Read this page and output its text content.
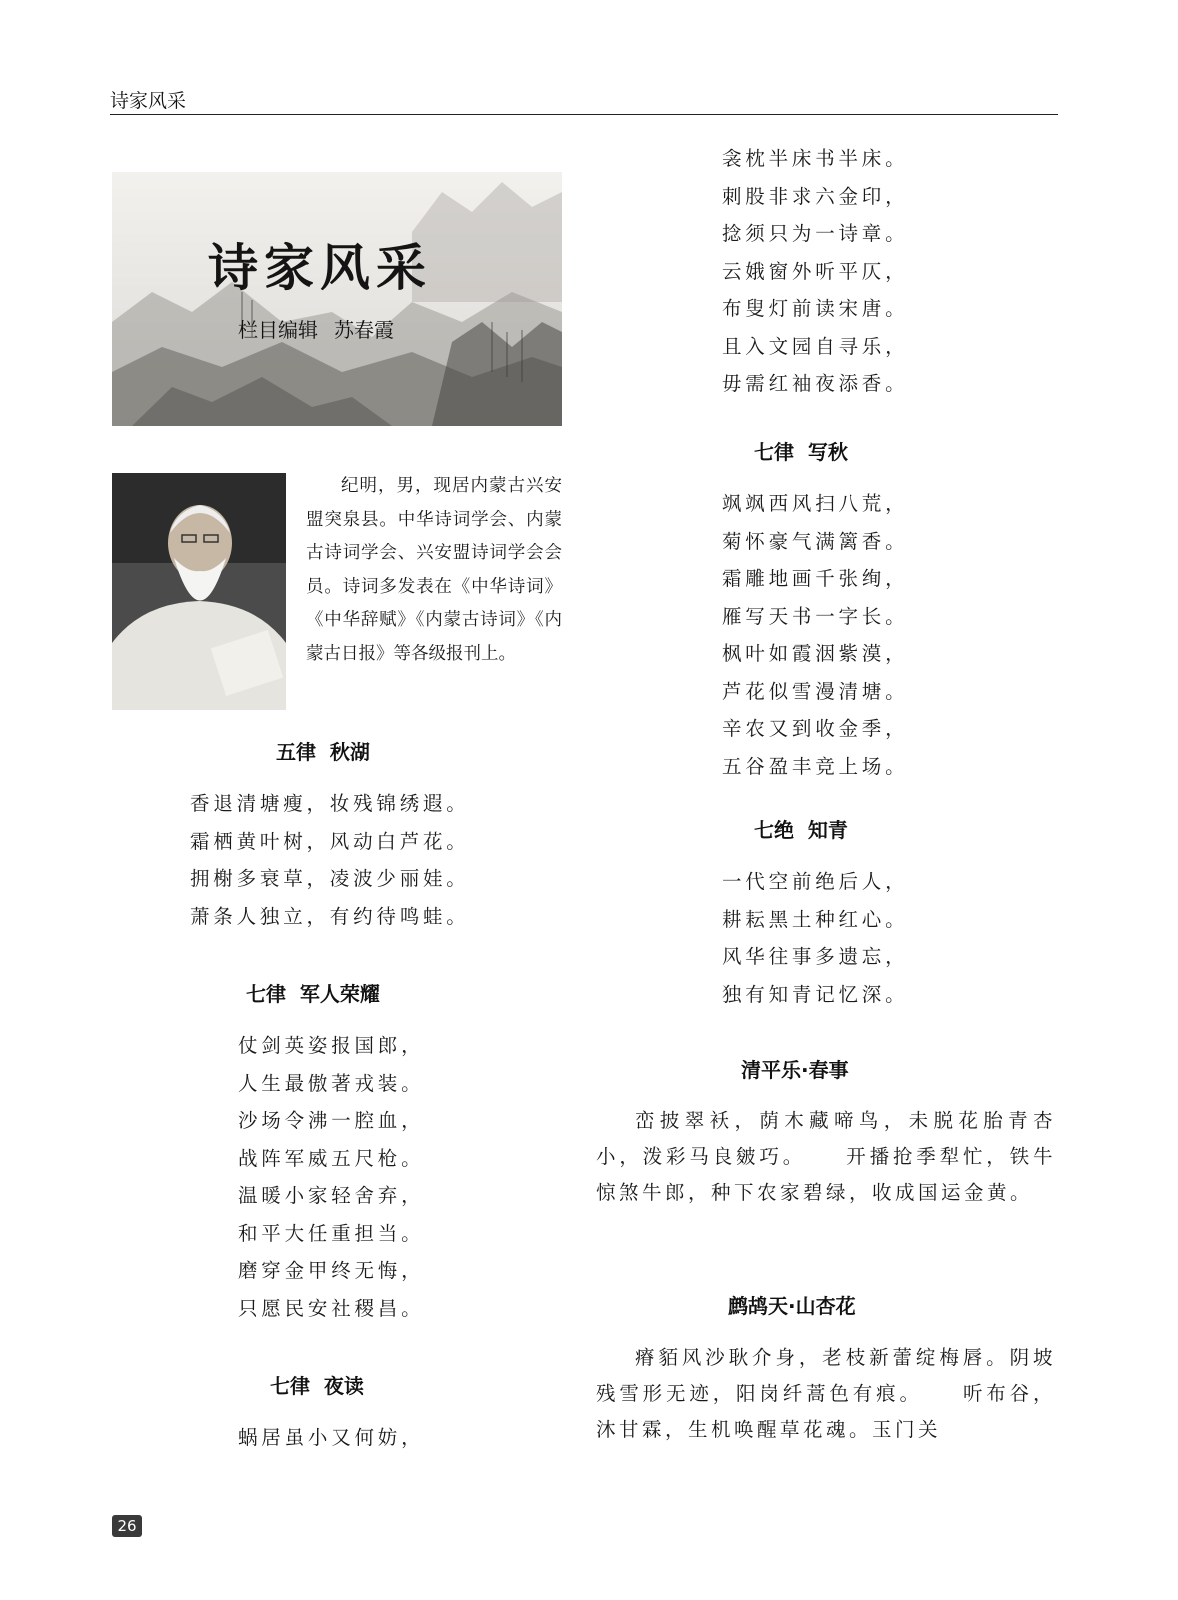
诗家风采
诗家风采
栏目编辑 苏春霞
纪明，男，现居内蒙古兴安盟突泉县。中华诗词学会、内蒙古诗词学会、兴安盟诗词学会会员。诗词多发表在《中华诗词》《中华辞赋》《内蒙古诗词》《内蒙古日报》等各级报刊上。
五律  秋湖
香退清塘瘦，妆残锦绣遐。
霜栖黄叶树，风动白芦花。
拥榭多衰草，凌波少丽娃。
萧条人独立，有约待鸣蛙。
七律  军人荣耀
仗剑英姿报国郎，
人生最傲著戎装。
沙场令沸一腔血，
战阵军威五尺枪。
温暖小家轻舍弃，
和平大任重担当。
磨穿金甲终无悔，
只愿民安社稷昌。
七律  夜读
蜗居虽小又何妨，
衾枕半床书半床。
刺股非求六金印，
捻须只为一诗章。
云娥窗外听平仄，
布叟灯前读宋唐。
且入文园自寻乐，
毋需红袖夜添香。
七律  写秋
飒飒西风扫八荒，
菊怀豪气满篱香。
霜雕地画千张绚，
雁写天书一字长。
枫叶如霞洇紫漠，
芦花似雪漫清塘。
辛农又到收金季，
五谷盈丰竞上场。
七绝  知青
一代空前绝后人，
耕耘黑土种红心。
风华往事多遗忘，
独有知青记忆深。
清平乐·春事
峦披翠袄，荫木藏啼鸟，未脱花胎青杏小，泼彩马良皴巧。    开播抢季犁忙，铁牛惊煞牛郎，种下农家碧绿，收成国运金黄。
鹧鸪天·山杏花
瘠貊风沙耿介身，老枝新蕾绽梅唇。阴坡残雪形无迹，阳岗纤蒿色有痕。    听布谷，沐甘霖，生机唤醒草花魂。玉门关
26
